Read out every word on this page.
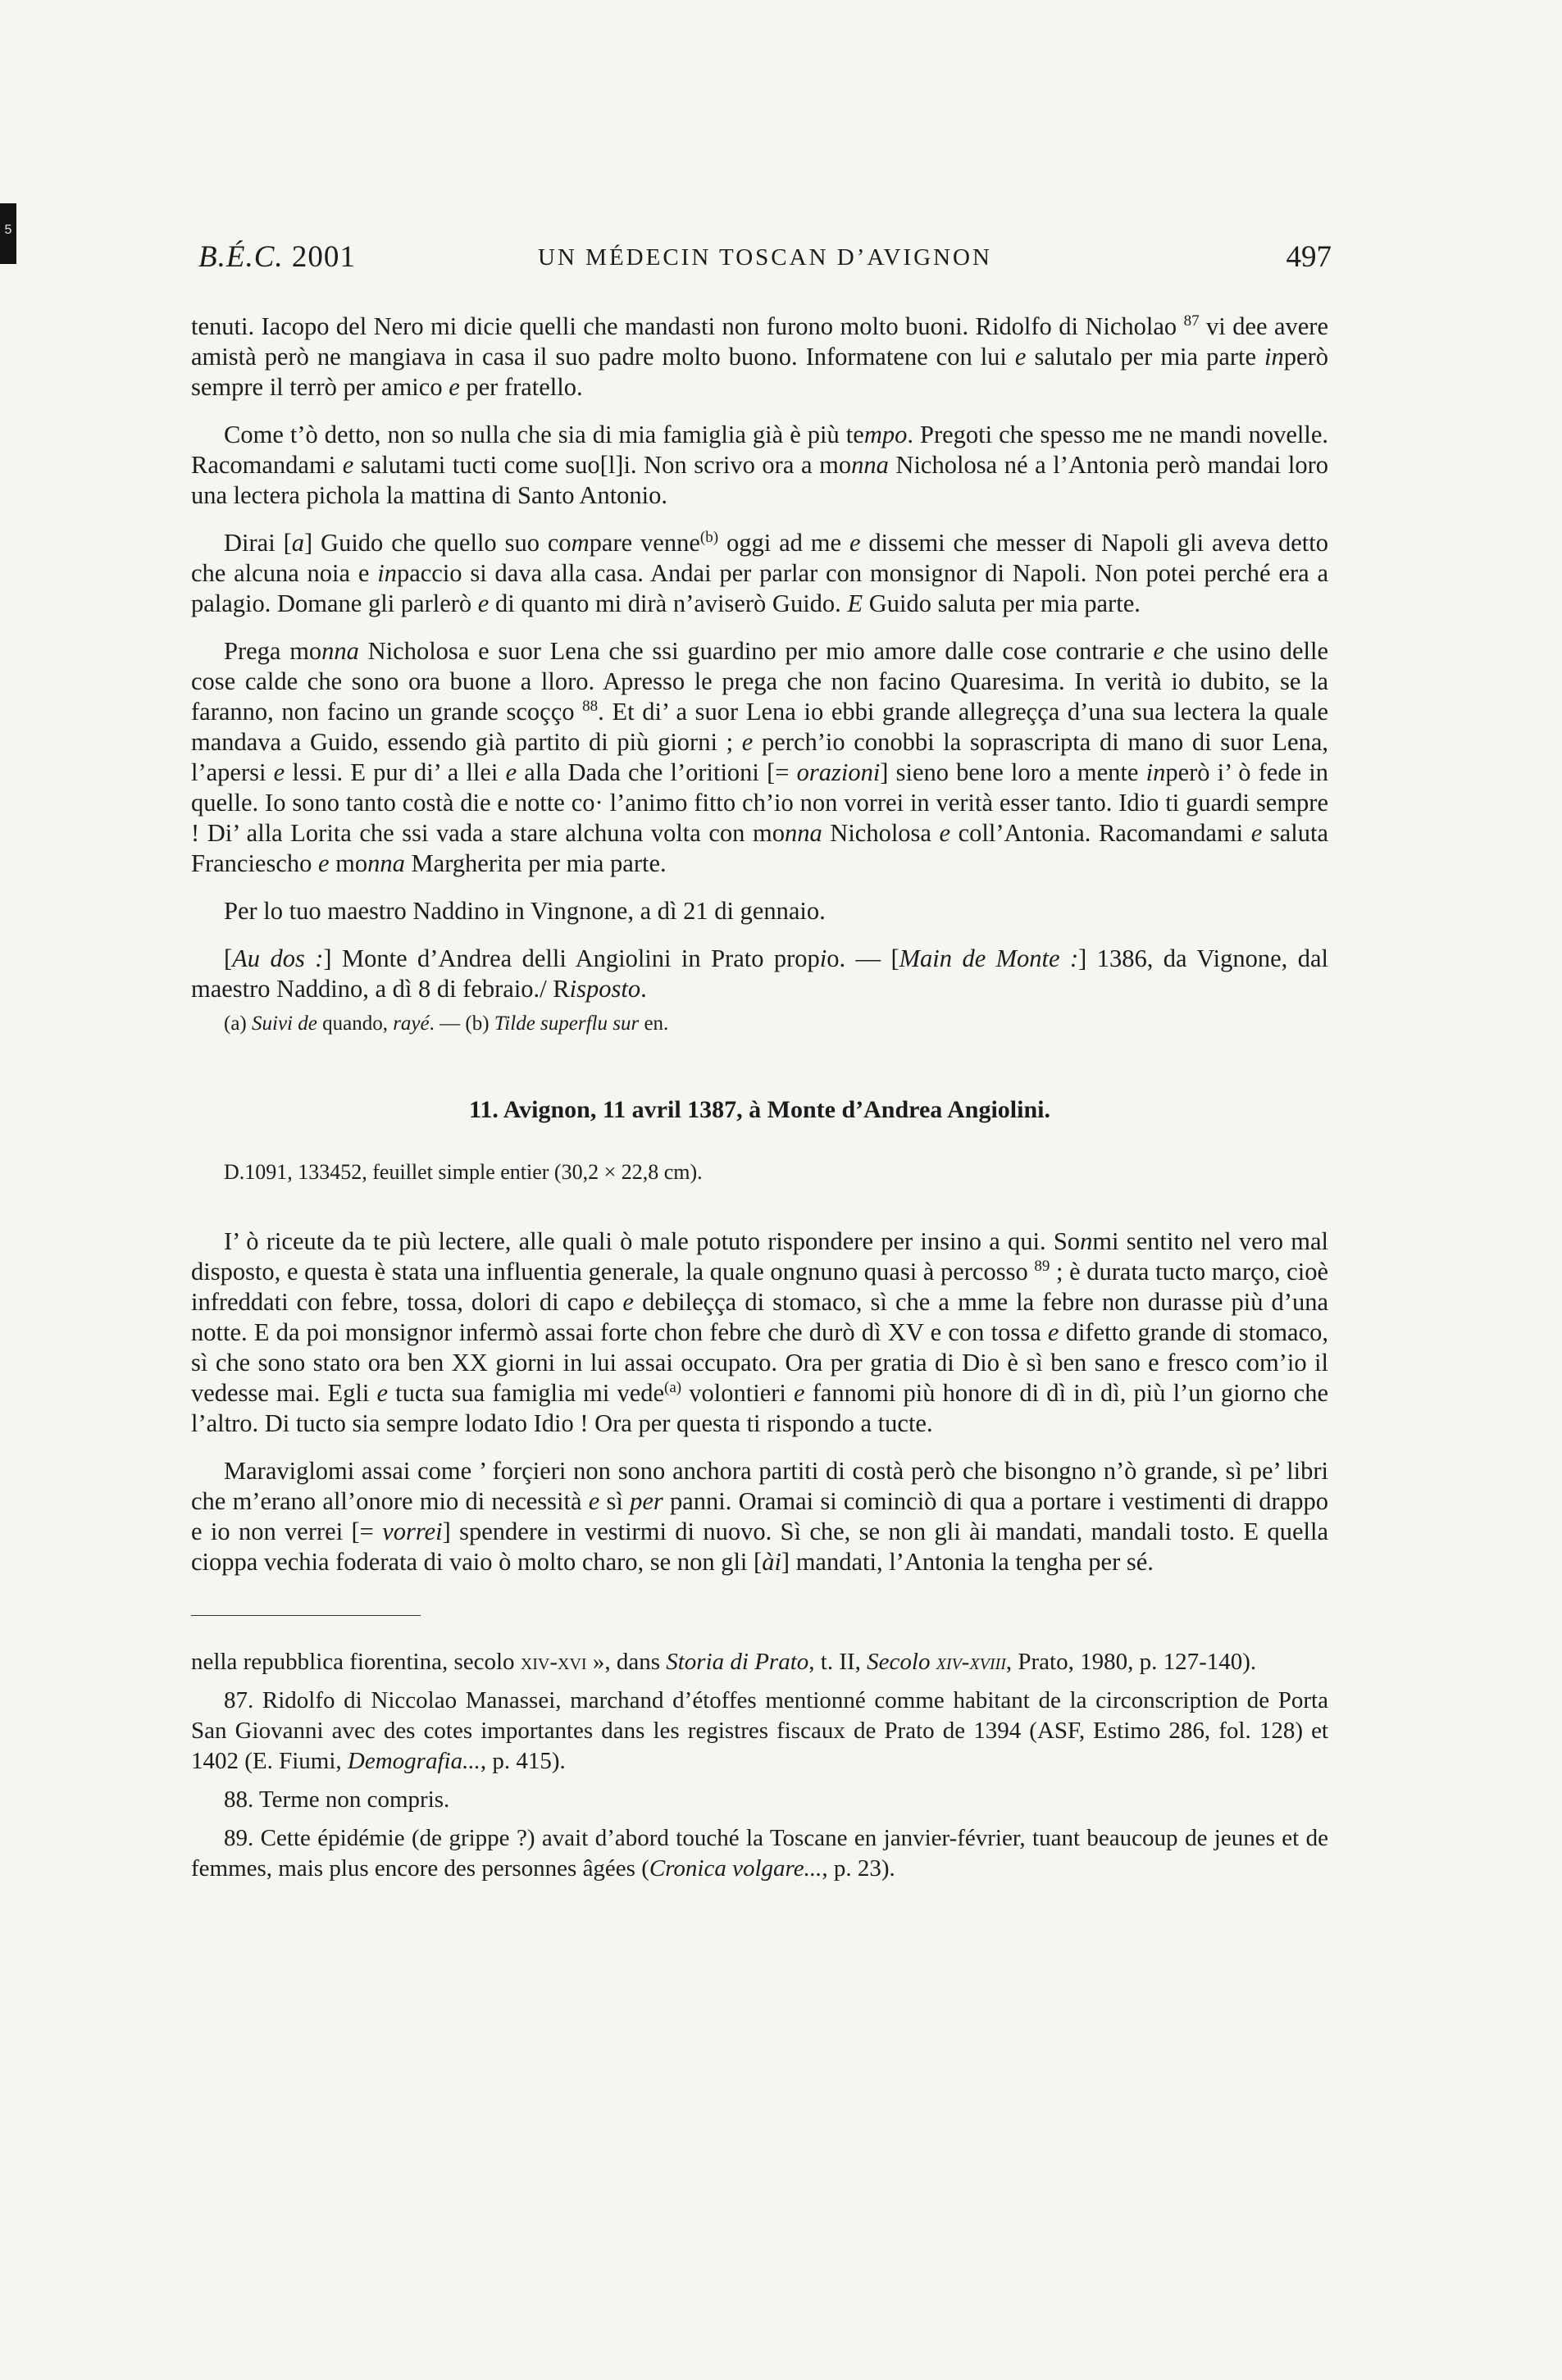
5
B.É.C. 2001	UN MÉDECIN TOSCAN D’AVIGNON	497

tenuti. Iacopo del Nero mi dicie quelli che mandasti non furono molto buoni. Ridolfo di Nicholao $^{87}$ vi dee avere amistà però ne mangiava in casa il suo padre molto buono. Informatene con lui e salutalo per mia parte inperò sempre il terrò per amico e per fratello.

Come t’ò detto, non so nulla che sia di mia famiglia già è più tempo. Pregoti che spesso me ne mandi novelle. Racomandami e salutami tucti come suo[l]i. Non scrivo ora a monna Nicholosa né a l’Antonia però mandai loro una lectera pichola la mattina di Santo Antonio.

Dirai [a] Guido che quello suo compare venne$^{(b)}$ oggi ad me e dissemi che messer di Napoli gli aveva detto che alcuna noia e inpaccio si dava alla casa. Andai per parlar con monsignor di Napoli. Non potei perché era a palagio. Domane gli parlerò e di quanto mi dirà n’aviserò Guido. E Guido saluta per mia parte.

Prega monna Nicholosa e suor Lena che ssi guardino per mio amore dalle cose contrarie e che usino delle cose calde che sono ora buone a lloro. Apresso le prega che non facino Quaresima. In verità io dubito, se la faranno, non facino un grande scoçço $^{88}$. Et di’ a suor Lena io ebbi grande allegreçça d’una sua lectera la quale mandava a Guido, essendo già partito di più giorni ; e perch’io conobbi la soprascripta di mano di suor Lena, l’apersi e lessi. E pur di’ a llei e alla Dada che l’oritioni [= orazioni] sieno bene loro a mente inperò i’ ò fede in quelle. Io sono tanto costà die e notte co· l’animo fitto ch’io non vorrei in verità esser tanto. Idio ti guardi sempre ! Di’ alla Lorita che ssi vada a stare alchuna volta con monna Nicholosa e coll’Antonia. Racomandami e saluta Franciescho e monna Margherita per mia parte.

Per lo tuo maestro Naddino in Vingnone, a dì 21 di gennaio.

[Au dos :] Monte d’Andrea delli Angiolini in Prato propio. — [Main de Monte :] 1386, da Vignone, dal maestro Naddino, a dì 8 di febraio./ Risposto.

(a) Suivi de quando, rayé. — (b) Tilde superflu sur en.
11. Avignon, 11 avril 1387, à Monte d’Andrea Angiolini.
D.1091, 133452, feuillet simple entier (30,2 × 22,8 cm).

I’ ò riceute da te più lectere, alle quali ò male potuto rispondere per insino a qui. Sonmi sentito nel vero mal disposto, e questa è stata una influentia generale, la quale ongnuno quasi à percosso $^{89}$ ; è durata tucto março, cioè infreddati con febre, tossa, dolori di capo e debileçça di stomaco, sì che a mme la febre non durasse più d’una notte. E da poi monsignor infermò assai forte chon febre che durò dì XV e con tossa e difetto grande di stomaco, sì che sono stato ora ben XX giorni in lui assai occupato. Ora per gratia di Dio è sì ben sano e fresco com’io il vedesse mai. Egli e tucta sua famiglia mi vede$^{(a)}$ volontieri e fannomi più honore di dì in dì, più l’un giorno che l’altro. Di tucto sia sempre lodato Idio ! Ora per questa ti rispondo a tucte.

Maraviglomi assai come ’ forçieri non sono anchora partiti di costà però che bisongno n’ò grande, sì pe’ libri che m’erano all’onore mio di necessità e sì per panni. Oramai si cominciò di qua a portare i vestimenti di drappo e io non verrei [= vorrei] spendere in vestirmi di nuovo. Sì che, se non gli ài mandati, mandali tosto. E quella cioppa vechia foderata di vaio ò molto charo, se non gli [ài] mandati, l’Antonia la tengha per sé.

nella repubblica fiorentina, secolo xiv-xvi », dans Storia di Prato, t. II, Secolo xiv-xviii, Prato, 1980, p. 127-140).

87. Ridolfo di Niccolao Manassei, marchand d’étoffes mentionné comme habitant de la circonscription de Porta San Giovanni avec des cotes importantes dans les registres fiscaux de Prato de 1394 (ASF, Estimo 286, fol. 128) et 1402 (E. Fiumi, Demografia..., p. 415).

88. Terme non compris.

89. Cette épidémie (de grippe ?) avait d’abord touché la Toscane en janvier-février, tuant beaucoup de jeunes et de femmes, mais plus encore des personnes âgées (Cronica volgare..., p. 23).
